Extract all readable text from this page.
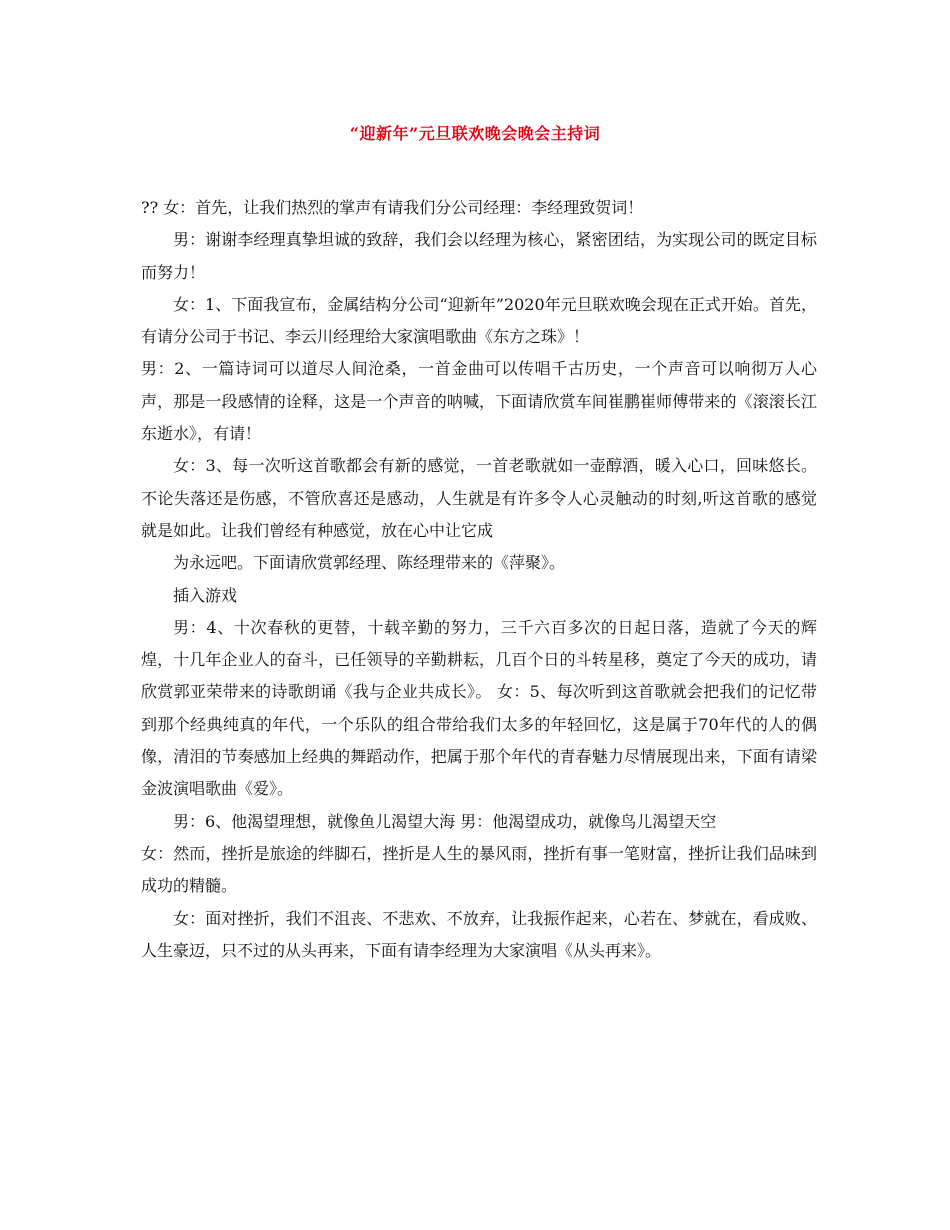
“迎新年”元旦联欢晚会晚会主持词

?? 女：首先，让我们热烈的掌声有请我们分公司经理：李经理致贺词！

男：谢谢李经理真挚坦诚的致辞，我们会以经理为核心，紧密团结，为实现公司的既定目标而努力！

女：1、下面我宣布，金属结构分公司“迎新年”2020年元旦联欢晚会现在正式开始。首先，有请分公司于书记、李云川经理给大家演唱歌曲《东方之珠》！

男：2、一篇诗词可以道尽人间沧桑，一首金曲可以传唱千古历史，一个声音可以响彻万人心声，那是一段感情的诠释，这是一个声音的呐喊，下面请欣赏车间崔鹏崔师傅带来的《滚滚长江东逝水》，有请！

女：3、每一次听这首歌都会有新的感觉，一首老歌就如一壶醇酒，暖入心口，回味悠长。不论失落还是伤感，不管欣喜还是感动，人生就是有许多令人心灵触动的时刻,听这首歌的感觉就是如此。让我们曾经有种感觉，放在心中让它成

为永远吧。下面请欣赏郭经理、陈经理带来的《萍聚》。

插入游戏

男：4、十次春秋的更替，十载辛勤的努力，三千六百多次的日起日落，造就了今天的辉煌，十几年企业人的奋斗，已任领导的辛勤耕耘，几百个日的斗转星移，奠定了今天的成功，请欣赏郭亚荣带来的诗歌朗诵《我与企业共成长》。 女：5、每次听到这首歌就会把我们的记忆带到那个经典纯真的年代，一个乐队的组合带给我们太多的年轻回忆，这是属于70年代的人的偶像，清泪的节奏感加上经典的舞蹈动作，把属于那个年代的青春魅力尽情展现出来，下面有请梁金波演唱歌曲《爱》。

男：6、他渴望理想，就像鱼儿渴望大海 男：他渴望成功，就像鸟儿渴望天空

女：然而，挫折是旅途的绊脚石，挫折是人生的暴风雨，挫折有事一笔财富，挫折让我们品味到成功的精髓。

女：面对挫折，我们不沮丧、不悲欢、不放弃，让我振作起来，心若在、梦就在，看成败、人生豪迈，只不过的从头再来，下面有请李经理为大家演唱《从头再来》。
